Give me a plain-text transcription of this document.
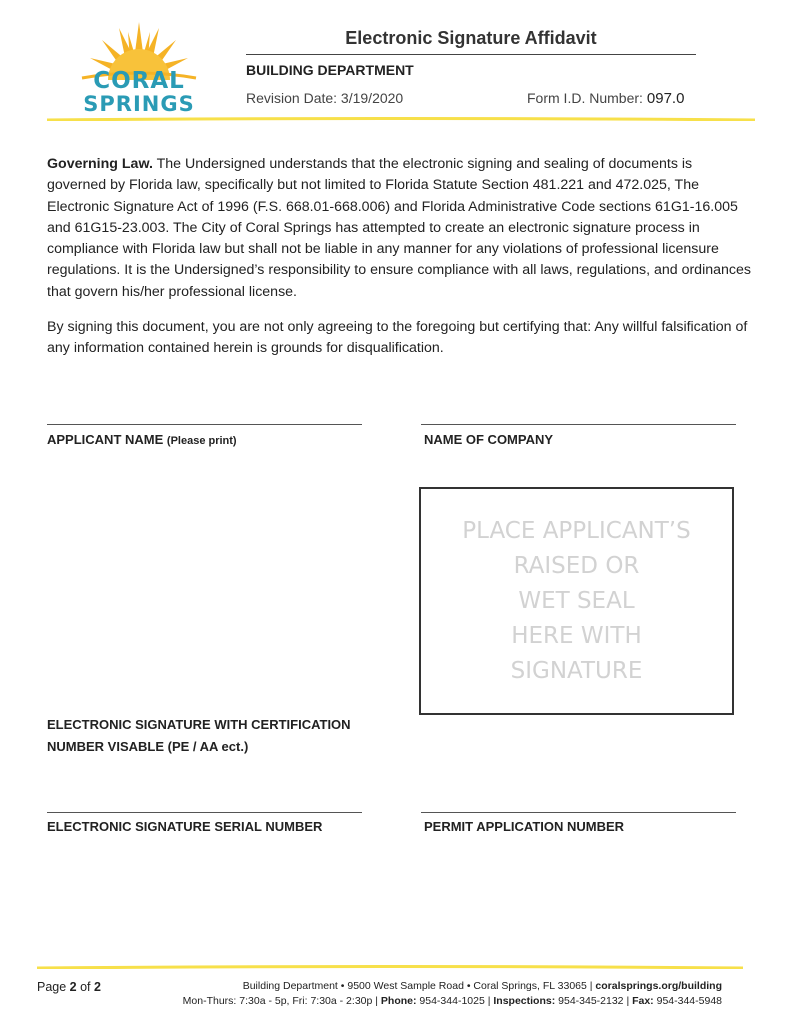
CORAL
SPRINGS
Electronic Signature Affidavit
BUILDING DEPARTMENT
Revision Date: 3/19/2020	Form I.D. Number: 097.0
Governing Law. The Undersigned understands that the electronic signing and sealing of documents is governed by Florida law, specifically but not limited to Florida Statute Section 481.221 and 472.025, The Electronic Signature Act of 1996 (F.S. 668.01-668.006) and Florida Administrative Code sections 61G1-16.005 and 61G15-23.003. The City of Coral Springs has attempted to create an electronic signature process in compliance with Florida law but shall not be liable in any manner for any violations of professional licensure regulations. It is the Undersigned’s responsibility to ensure compliance with all laws, regulations, and ordinances that govern his/her professional license.
By signing this document, you are not only agreeing to the foregoing but certifying that: Any willful falsification of any information contained herein is grounds for disqualification.
APPLICANT NAME (Please print)	NAME OF COMPANY
PLACE APPLICANT’S
RAISED OR
WET SEAL
HERE WITH
SIGNATURE
ELECTRONIC SIGNATURE WITH CERTIFICATION
NUMBER VISABLE (PE / AA ect.)
ELECTRONIC SIGNATURE SERIAL NUMBER	PERMIT APPLICATION NUMBER
Page 2 of 2	Building Department • 9500 West Sample Road • Coral Springs, FL 33065 | coralsprings.org/building
Mon-Thurs: 7:30a - 5p, Fri: 7:30a - 2:30p | Phone: 954-344-1025 | Inspections: 954-345-2132 | Fax: 954-344-5948
